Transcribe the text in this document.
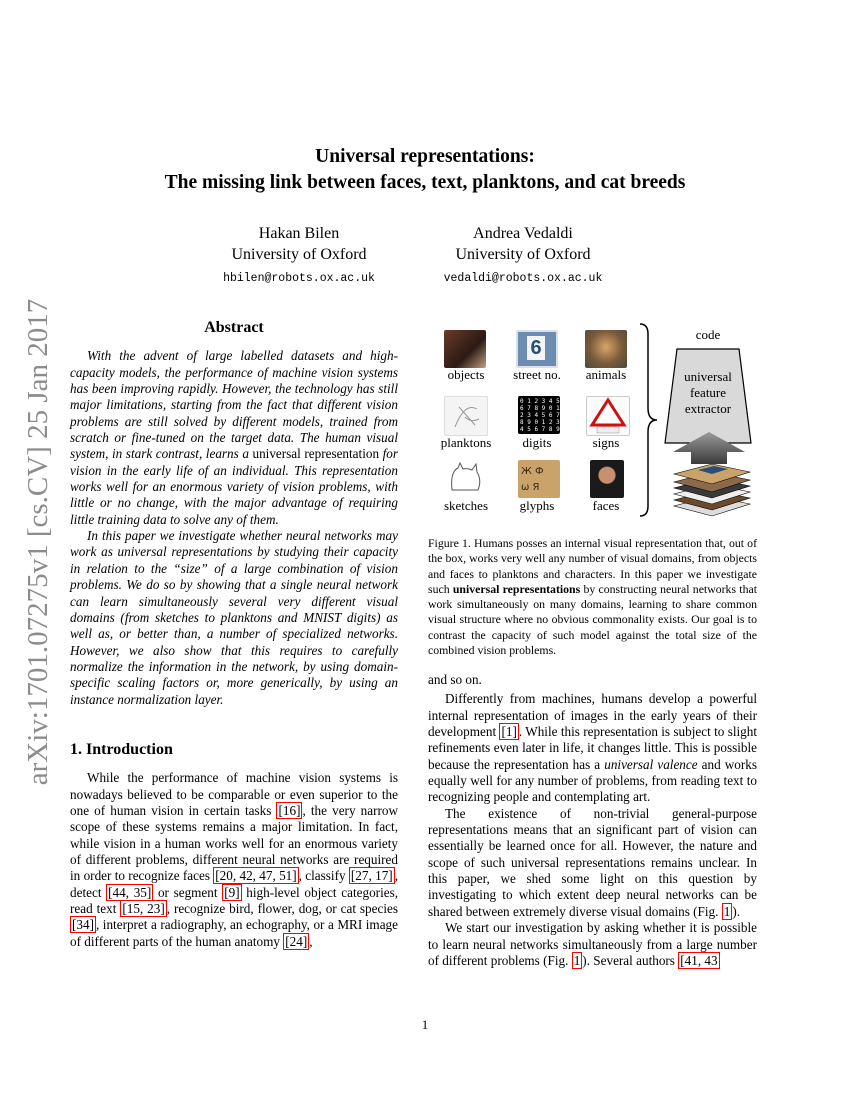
arXiv:1701.07275v1 [cs.CV] 25 Jan 2017
Universal representations:
The missing link between faces, text, planktons, and cat breeds
Hakan Bilen
University of Oxford
hbilen@robots.ox.ac.uk
Andrea Vedaldi
University of Oxford
vedaldi@robots.ox.ac.uk
Abstract

With the advent of large labelled datasets and high-capacity models, the performance of machine vision systems has been improving rapidly. However, the technology has still major limitations, starting from the fact that different vision problems are still solved by different models, trained from scratch or fine-tuned on the target data. The human visual system, in stark contrast, learns a universal representation for vision in the early life of an individual. This representation works well for an enormous variety of vision problems, with little or no change, with the major advantage of requiring little training data to solve any of them.

In this paper we investigate whether neural networks may work as universal representations by studying their capacity in relation to the “size” of a large combination of vision problems. We do so by showing that a single neural network can learn simultaneously several very different visual domains (from sketches to planktons and MNIST digits) as well as, or better than, a number of specialized networks. However, we also show that this requires to carefully normalize the information in the network, by using domain-specific scaling factors or, more generically, by using an instance normalization layer.

1. Introduction

While the performance of machine vision systems is nowadays believed to be comparable or even superior to the one of human vision in certain tasks [16] , the very narrow scope of these systems remains a major limitation. In fact, while vision in a human works well for an enormous variety of different problems, different neural networks are required in order to recognize faces [20, 42, 47, 51] , classify [27, 17] , detect [44, 35] or segment [9] high-level object categories, read text [15, 23] , recognize bird, flower, dog, or cat species [34] , interpret a radiography, an echography, or a MRI image of different parts of the human anatomy [24] ,

6
objects	street no.	animals
0 1 2 3 4 5
6 7 8 9 0 1
2 3 4 5 6 7
8 9 0 1 2 3
4 5 6 7 8 9
planktons	digits	signs
Ж Ф
ω Я
sketches	glyphs	faces
code
universal
feature
extractor
Figure 1. Humans posses an internal visual representation that, out of the box, works very well any number of visual domains, from objects and faces to planktons and characters. In this paper we investigate such universal representations by constructing neural networks that work simultaneously on many domains, learning to share common visual structure where no obvious commonality exists. Our goal is to contrast the capacity of such model against the total size of the combined vision problems.

and so on.

Differently from machines, humans develop a powerful internal representation of images in the early years of their development [1] . While this representation is subject to slight refinements even later in life, it changes little. This is possible because the representation has a universal valence and works equally well for any number of problems, from reading text to recognizing people and contemplating art.

The existence of non-trivial general-purpose representations means that an significant part of vision can essentially be learned once for all. However, the nature and scope of such universal representations remains unclear. In this paper, we shed some light on this question by investigating to which extent deep neural networks can be shared between extremely diverse visual domains (Fig. 1 ).

We start our investigation by asking whether it is possible to learn neural networks simultaneously from a large number of different problems (Fig. 1 ). Several authors [41, 43

1
